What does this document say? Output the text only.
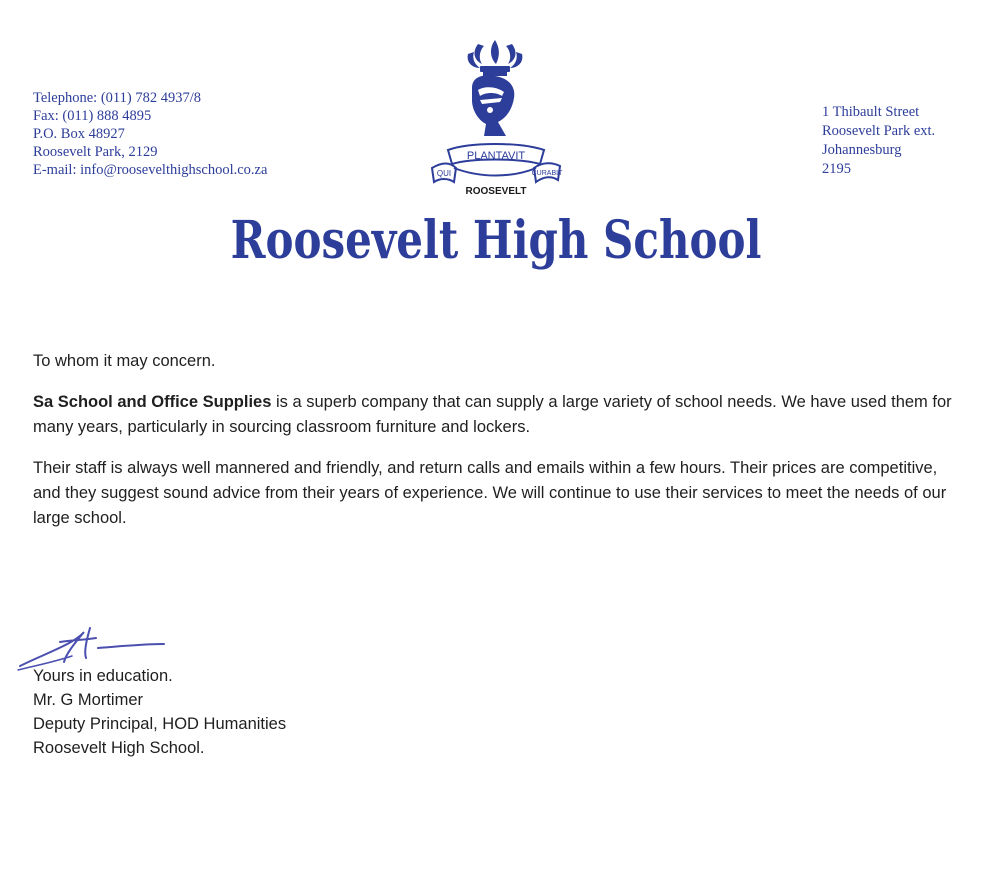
Telephone: (011) 782 4937/8
Fax: (011) 888 4895
P.O. Box 48927
Roosevelt Park, 2129
E-mail: info@roosevelthighschool.co.za
PLANTAVIT
QUI	CURABIT
ROOSEVELT
Roosevelt High School
1 Thibault Street
Roosevelt Park ext.
Johannesburg
2195

To whom it may concern.

Sa School and Office Supplies is a superb company that can supply a large variety of school needs. We have used them for many years, particularly in sourcing classroom furniture and lockers.

Their staff is always well mannered and friendly, and return calls and emails within a few hours. Their prices are competitive, and they suggest sound advice from their years of experience. We will continue to use their services to meet the needs of our large school.

Yours in education.
Mr. G Mortimer
Deputy Principal, HOD Humanities
Roosevelt High School.
